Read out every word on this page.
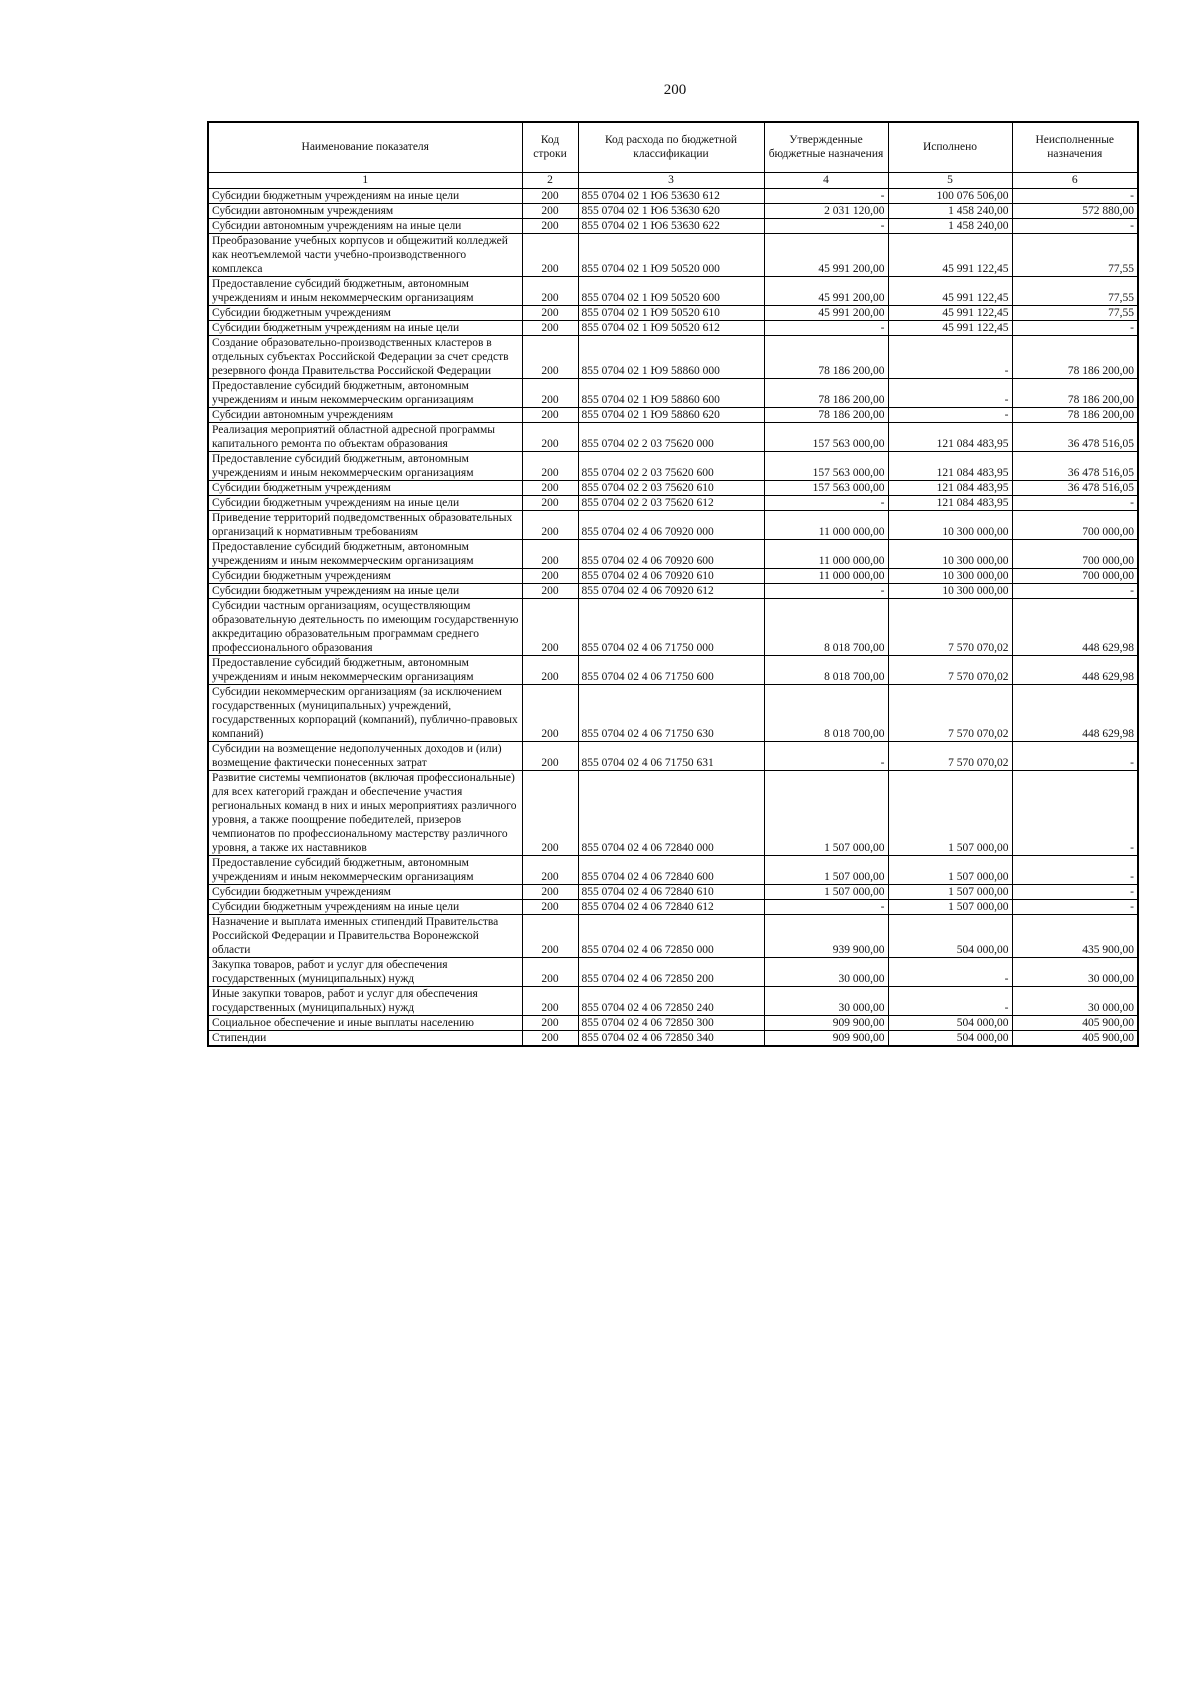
200
Наименование показателя	Код строки	Код расхода по бюджетной классификации	Утвержденные бюджетные назначения	Исполнено	Неисполненные назначения
1	2	3	4	5	6
Субсидии бюджетным учреждениям на иные цели	200	855 0704 02 1 Ю6 53630 612	-	100 076 506,00	-
Субсидии автономным учреждениям	200	855 0704 02 1 Ю6 53630 620	2 031 120,00	1 458 240,00	572 880,00
Субсидии автономным учреждениям на иные цели	200	855 0704 02 1 Ю6 53630 622	-	1 458 240,00	-
Преобразование учебных корпусов и общежитий колледжей как неотъемлемой части учебно-производственного комплекса	200	855 0704 02 1 Ю9 50520 000	45 991 200,00	45 991 122,45	77,55
Предоставление субсидий бюджетным, автономным учреждениям и иным некоммерческим организациям	200	855 0704 02 1 Ю9 50520 600	45 991 200,00	45 991 122,45	77,55
Субсидии бюджетным учреждениям	200	855 0704 02 1 Ю9 50520 610	45 991 200,00	45 991 122,45	77,55
Субсидии бюджетным учреждениям на иные цели	200	855 0704 02 1 Ю9 50520 612	-	45 991 122,45	-
Создание образовательно-производственных кластеров в отдельных субъектах Российской Федерации за счет средств резервного фонда Правительства Российской Федерации	200	855 0704 02 1 Ю9 58860 000	78 186 200,00	-	78 186 200,00
Предоставление субсидий бюджетным, автономным учреждениям и иным некоммерческим организациям	200	855 0704 02 1 Ю9 58860 600	78 186 200,00	-	78 186 200,00
Субсидии автономным учреждениям	200	855 0704 02 1 Ю9 58860 620	78 186 200,00	-	78 186 200,00
Реализация мероприятий областной адресной программы капитального ремонта по объектам образования	200	855 0704 02 2 03 75620 000	157 563 000,00	121 084 483,95	36 478 516,05
Предоставление субсидий бюджетным, автономным учреждениям и иным некоммерческим организациям	200	855 0704 02 2 03 75620 600	157 563 000,00	121 084 483,95	36 478 516,05
Субсидии бюджетным учреждениям	200	855 0704 02 2 03 75620 610	157 563 000,00	121 084 483,95	36 478 516,05
Субсидии бюджетным учреждениям на иные цели	200	855 0704 02 2 03 75620 612	-	121 084 483,95	-
Приведение территорий подведомственных образовательных организаций к нормативным требованиям	200	855 0704 02 4 06 70920 000	11 000 000,00	10 300 000,00	700 000,00
Предоставление субсидий бюджетным, автономным учреждениям и иным некоммерческим организациям	200	855 0704 02 4 06 70920 600	11 000 000,00	10 300 000,00	700 000,00
Субсидии бюджетным учреждениям	200	855 0704 02 4 06 70920 610	11 000 000,00	10 300 000,00	700 000,00
Субсидии бюджетным учреждениям на иные цели	200	855 0704 02 4 06 70920 612	-	10 300 000,00	-
Субсидии частным организациям, осуществляющим образовательную деятельность по имеющим государственную аккредитацию образовательным программам среднего профессионального образования	200	855 0704 02 4 06 71750 000	8 018 700,00	7 570 070,02	448 629,98
Предоставление субсидий бюджетным, автономным учреждениям и иным некоммерческим организациям	200	855 0704 02 4 06 71750 600	8 018 700,00	7 570 070,02	448 629,98
Субсидии некоммерческим организациям (за исключением государственных (муниципальных) учреждений, государственных корпораций (компаний), публично-правовых компаний)	200	855 0704 02 4 06 71750 630	8 018 700,00	7 570 070,02	448 629,98
Субсидии на возмещение недополученных доходов и (или) возмещение фактически понесенных затрат	200	855 0704 02 4 06 71750 631	-	7 570 070,02	-
Развитие системы чемпионатов (включая профессиональные) для всех категорий граждан и обеспечение участия региональных команд в них и иных мероприятиях различного уровня, а также поощрение победителей, призеров чемпионатов по профессиональному мастерству различного уровня, а также их наставников	200	855 0704 02 4 06 72840 000	1 507 000,00	1 507 000,00	-
Предоставление субсидий бюджетным, автономным учреждениям и иным некоммерческим организациям	200	855 0704 02 4 06 72840 600	1 507 000,00	1 507 000,00	-
Субсидии бюджетным учреждениям	200	855 0704 02 4 06 72840 610	1 507 000,00	1 507 000,00	-
Субсидии бюджетным учреждениям на иные цели	200	855 0704 02 4 06 72840 612	-	1 507 000,00	-
Назначение и выплата именных стипендий Правительства Российской Федерации и Правительства Воронежской области	200	855 0704 02 4 06 72850 000	939 900,00	504 000,00	435 900,00
Закупка товаров, работ и услуг для обеспечения государственных (муниципальных) нужд	200	855 0704 02 4 06 72850 200	30 000,00	-	30 000,00
Иные закупки товаров, работ и услуг для обеспечения государственных (муниципальных) нужд	200	855 0704 02 4 06 72850 240	30 000,00	-	30 000,00
Социальное обеспечение и иные выплаты населению	200	855 0704 02 4 06 72850 300	909 900,00	504 000,00	405 900,00
Стипендии	200	855 0704 02 4 06 72850 340	909 900,00	504 000,00	405 900,00
